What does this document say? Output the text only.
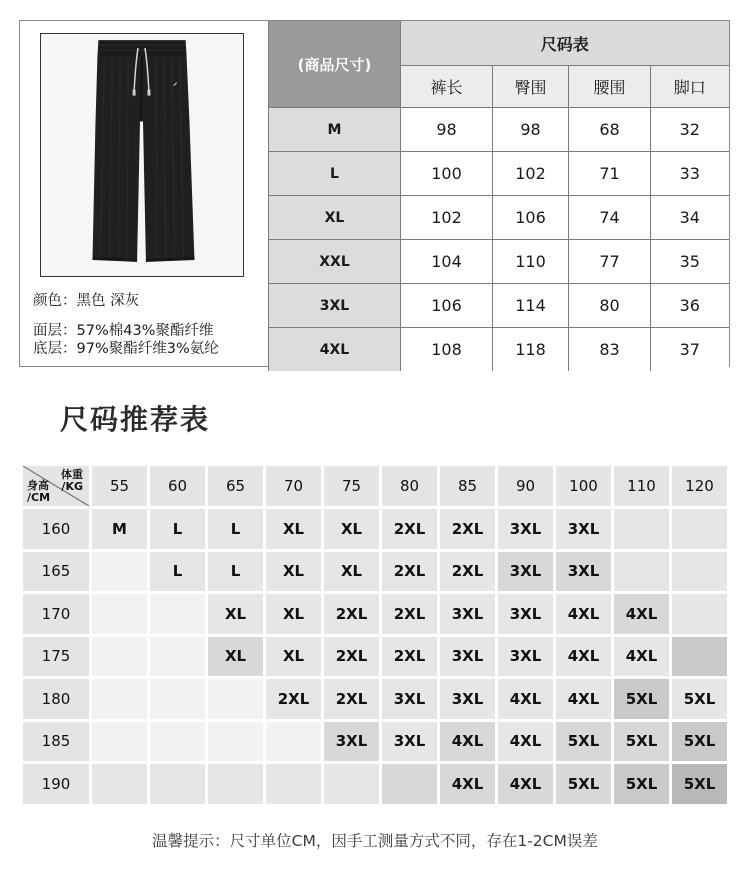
颜色：黑色 深灰
面层：57%棉43%聚酯纤维
底层：97%聚酯纤维3%氨纶
(商品尺寸)	尺码表			
	裤长	臀围	腰围	脚口
M	98	98	68	32
L	100	102	71	33
XL	102	106	74	34
XXL	104	110	77	35
3XL	106	114	80	36
4XL	108	118	83	37
尺码推荐表
体重
/KG
身高
/CM	55	60	65	70	75	80	85	90	100	110	120
160	M	L	L	XL	XL	2XL	2XL	3XL	3XL		
165		L	L	XL	XL	2XL	2XL	3XL	3XL		
170			XL	XL	2XL	2XL	3XL	3XL	4XL	4XL	
175			XL	XL	2XL	2XL	3XL	3XL	4XL	4XL	
180				2XL	2XL	3XL	3XL	4XL	4XL	5XL	5XL
185					3XL	3XL	4XL	4XL	5XL	5XL	5XL
190							4XL	4XL	5XL	5XL	5XL
温馨提示：尺寸单位CM，因手工测量方式不同，存在1-2CM误差
